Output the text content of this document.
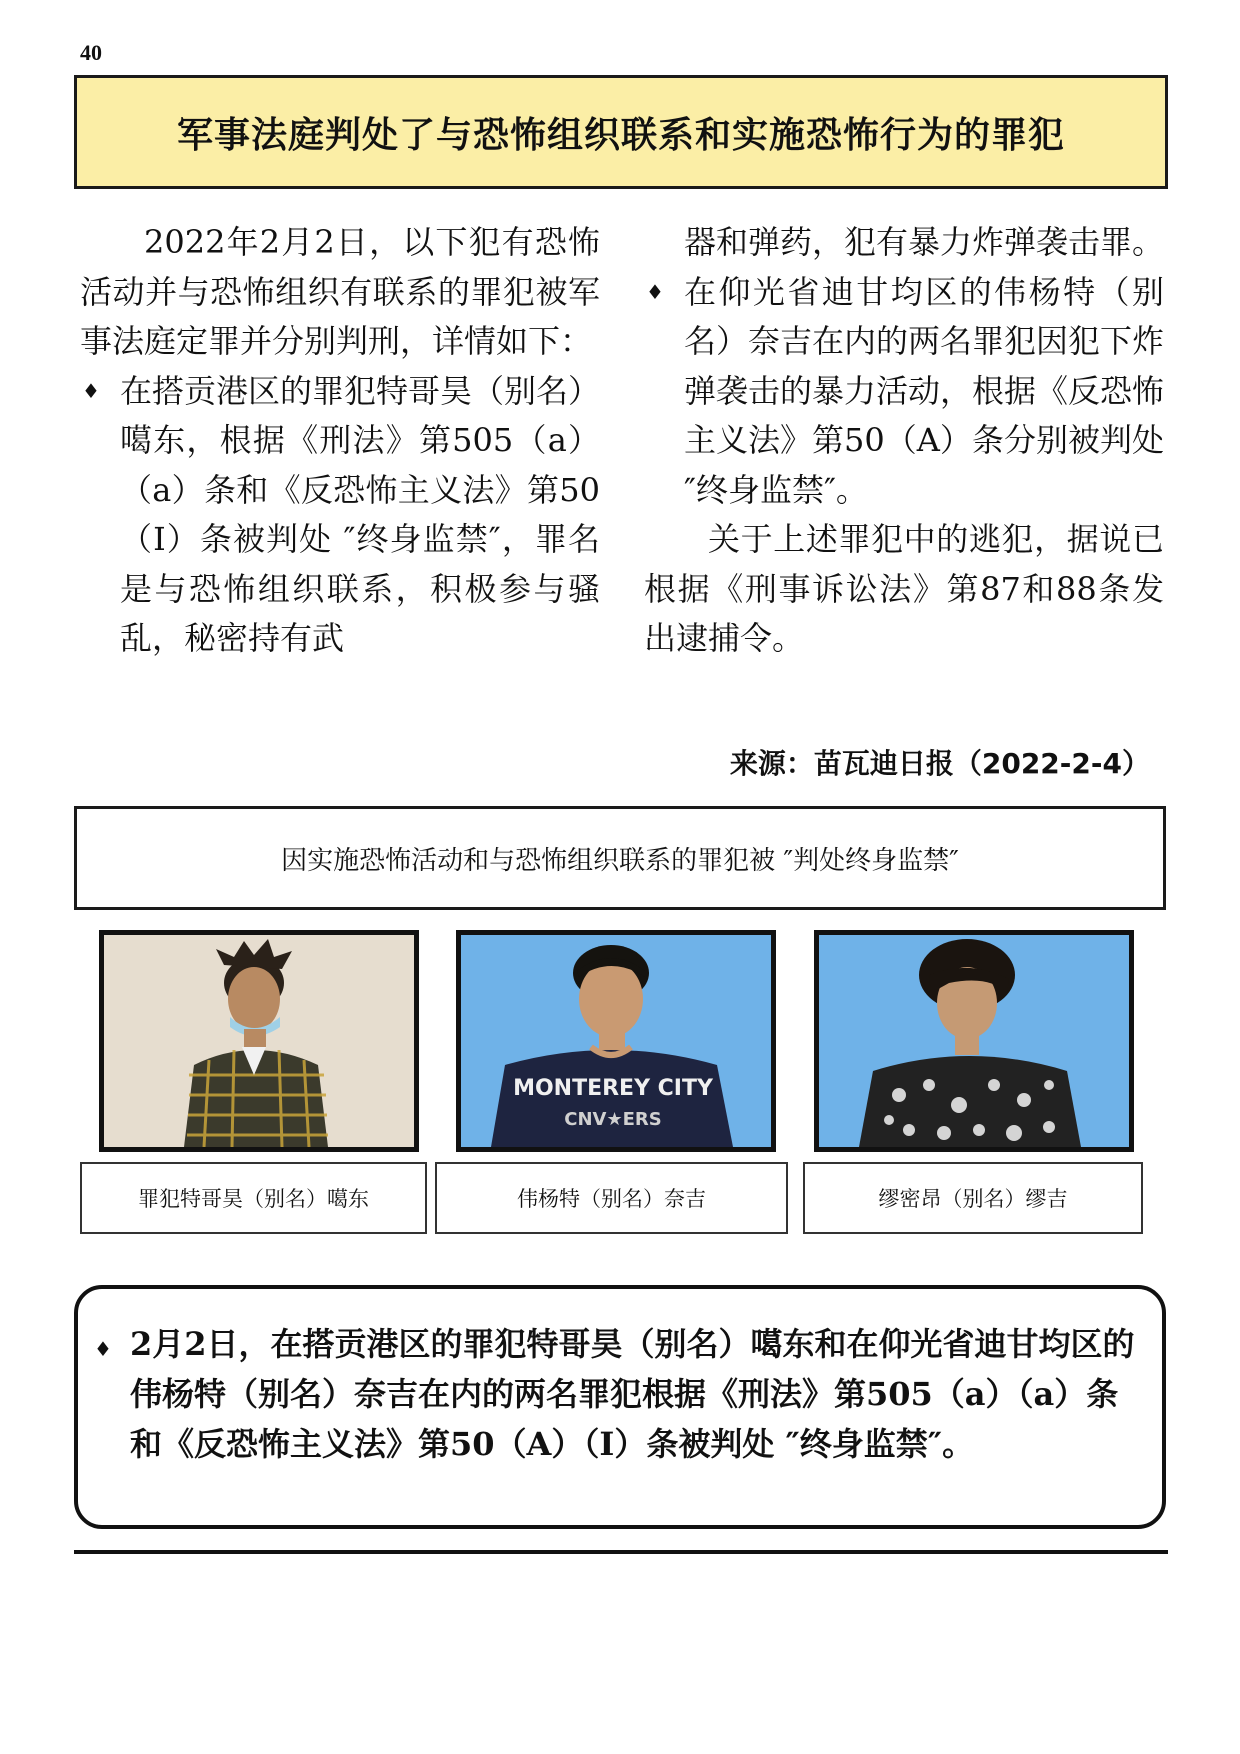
40
军事法庭判处了与恐怖组织联系和实施恐怖行为的罪犯

2022年2月2日，以下犯有恐怖活动并与恐怖组织有联系的罪犯被军事法庭定罪并分别判刑，详情如下：

♦ 在搭贡港区的罪犯特哥昊（别名）噶东，根据《刑法》第505（a）（a）条和《反恐怖主义法》第50（I）条被判处 ″终身监禁″，罪名是与恐怖组织联系，积极参与骚乱，秘密持有武

器和弹药，犯有暴力炸弹袭击罪。

♦ 在仰光省迪甘均区的伟杨特（别名）奈吉在内的两名罪犯因犯下炸弹袭击的暴力活动，根据《反恐怖主义法》第50（A）条分别被判处 ″终身监禁″。

关于上述罪犯中的逃犯，据说已根据《刑事诉讼法》第87和88条发出逮捕令。

来源：苗瓦迪日报（2022-2-4）
因实施恐怖活动和与恐怖组织联系的罪犯被 ″判处终身监禁″
MONTEREY CITY
CNV★ERS
罪犯特哥昊（别名）噶东	伟杨特（别名）奈吉	缪密昂（别名）缪吉
♦ 2月2日，在搭贡港区的罪犯特哥昊（别名）噶东和在仰光省迪甘均区的伟杨特（别名）奈吉在内的两名罪犯根据《刑法》第505（a）（a）条和《反恐怖主义法》第50（A）（I）条被判处 ″终身监禁″。
